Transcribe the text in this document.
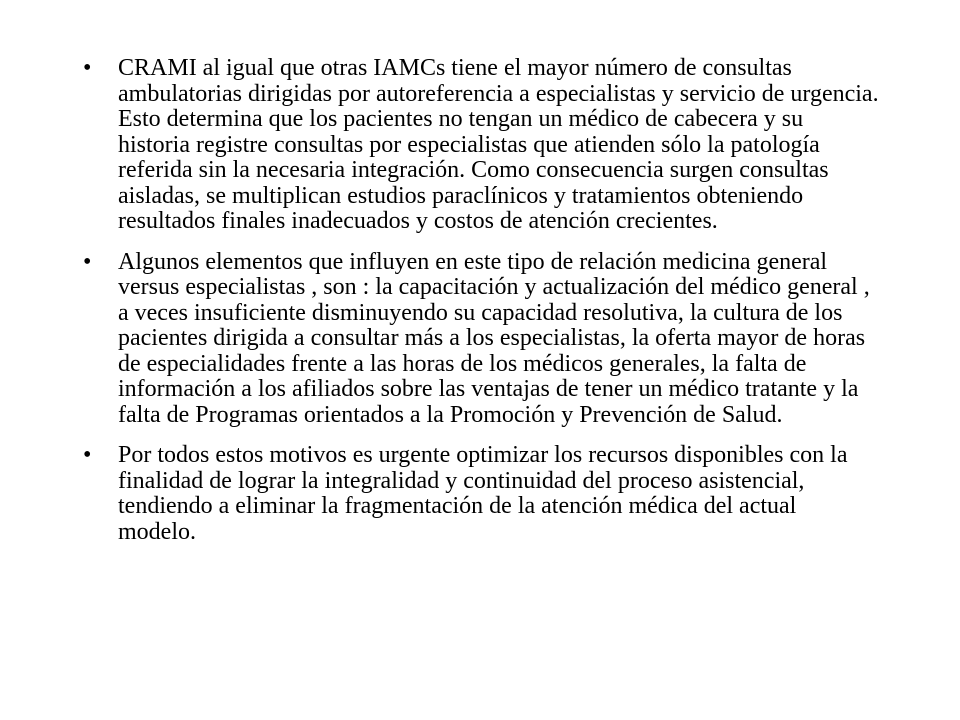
• CRAMI al igual que otras IAMCs tiene el mayor número de consultas ambulatorias dirigidas por autoreferencia a especialistas y servicio de urgencia. Esto determina que los pacientes no tengan un médico de cabecera y su historia registre consultas por especialistas que atienden sólo la patología referida sin la necesaria integración. Como consecuencia surgen consultas aisladas, se multiplican estudios paraclínicos y tratamientos obteniendo resultados finales inadecuados y costos de atención crecientes.
• Algunos elementos que influyen en este tipo de relación medicina general versus especialistas , son : la capacitación y actualización del médico general , a veces insuficiente disminuyendo su capacidad resolutiva, la cultura de los pacientes dirigida a consultar más a los especialistas, la oferta mayor de horas de especialidades frente a las horas de los médicos generales, la falta de información a los afiliados sobre las ventajas de tener un médico tratante y la falta de Programas orientados a la Promoción y Prevención de Salud.
• Por todos estos motivos es urgente optimizar los recursos disponibles con la finalidad de lograr la integralidad y continuidad del proceso asistencial, tendiendo a eliminar la fragmentación de la atención médica del actual modelo.
